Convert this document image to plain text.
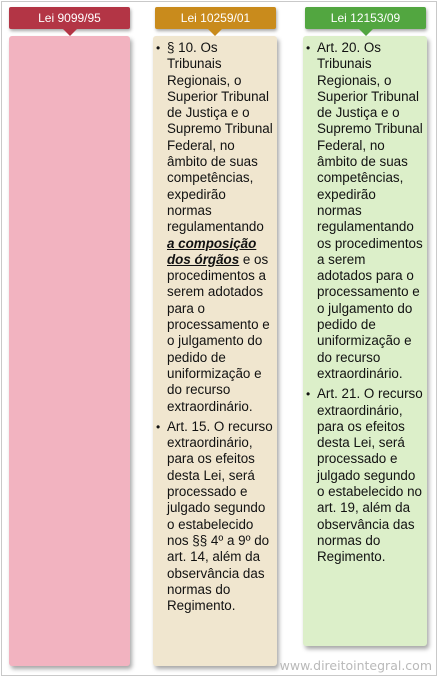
Lei 9099/95	Lei 10259/01
• § 10. Os Tribunais Regionais, o Superior Tribunal de Justiça e o Supremo Tribunal Federal, no âmbito de suas competências, expedirão normas regulamentando a composição dos órgãos e os procedimentos a serem adotados para o processamento e o julgamento do pedido de uniformização e do recurso extraordinário.
• Art. 15. O recurso extraordinário, para os efeitos desta Lei, será processado e julgado segundo o estabelecido nos §§ 4º a 9º do art. 14, além da observância das normas do Regimento.
Lei 12153/09
• Art. 20. Os Tribunais Regionais, o Superior Tribunal de Justiça e o Supremo Tribunal Federal, no âmbito de suas competências, expedirão normas regulamentando os procedimentos a serem adotados para o processamento e o julgamento do pedido de uniformização e do recurso extraordinário.
• Art. 21. O recurso extraordinário, para os efeitos desta Lei, será processado e julgado segundo o estabelecido no art. 19, além da observância das normas do Regimento.
www.direitointegral.com
